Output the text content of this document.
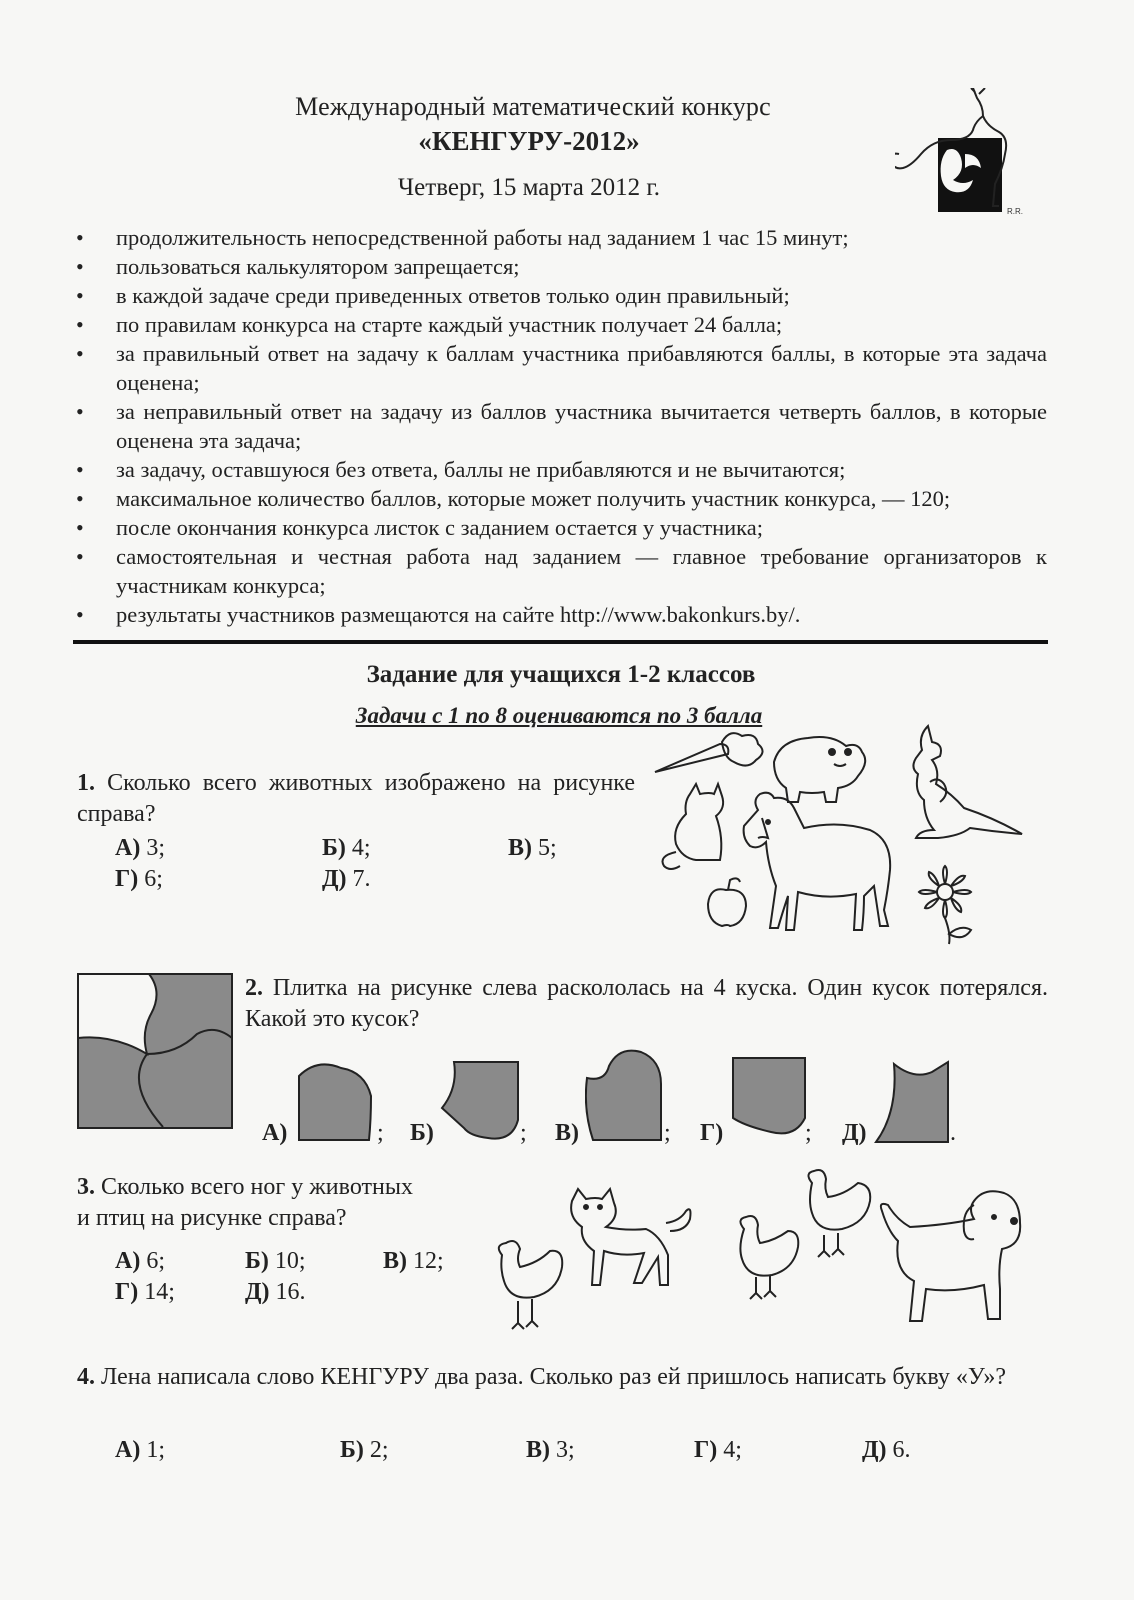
Международный математический конкурс
«КЕНГУРУ-2012»
Четверг, 15 марта 2012 г.
R.R.
• продолжительность непосредственной работы над заданием 1 час 15 минут;
• пользоваться калькулятором запрещается;
• в каждой задаче среди приведенных ответов только один правильный;
• по правилам конкурса на старте каждый участник получает 24 балла;
• за правильный ответ на задачу к баллам участника прибавляются баллы, в которые эта задача оценена;
• за неправильный ответ на задачу из баллов участника вычитается четверть баллов, в которые оценена эта задача;
• за задачу, оставшуюся без ответа, баллы не прибавляются и не вычитаются;
• максимальное количество баллов, которые может получить участник конкурса, — 120;
• после окончания конкурса листок с заданием остается у участника;
• самостоятельная и честная работа над заданием — главное требование организаторов к участникам конкурса;
• результаты участников размещаются на сайте http://www.bakonkurs.by/.
Задание для учащихся 1-2 классов
Задачи с 1 по 8 оцениваются по 3 балла
1. Сколько всего животных изображено на рисунке справа?
А) 3;	Б) 4;	В) 5;
Г) 6;	Д) 7.
2. Плитка на рисунке слева раскололась на 4 куска. Один кусок потерялся. Какой это кусок?
А)	; Б)	; В)	; Г)	; Д)	.
3. Сколько всего ног у животных
и птиц на рисунке справа?
А) 6;	Б) 10;	В) 12;
Г) 14;	Д) 16.
4. Лена написала слово КЕНГУРУ два раза. Сколько раз ей пришлось написать букву «У»?
А) 1;	Б) 2;	В) 3;	Г) 4;	Д) 6.
